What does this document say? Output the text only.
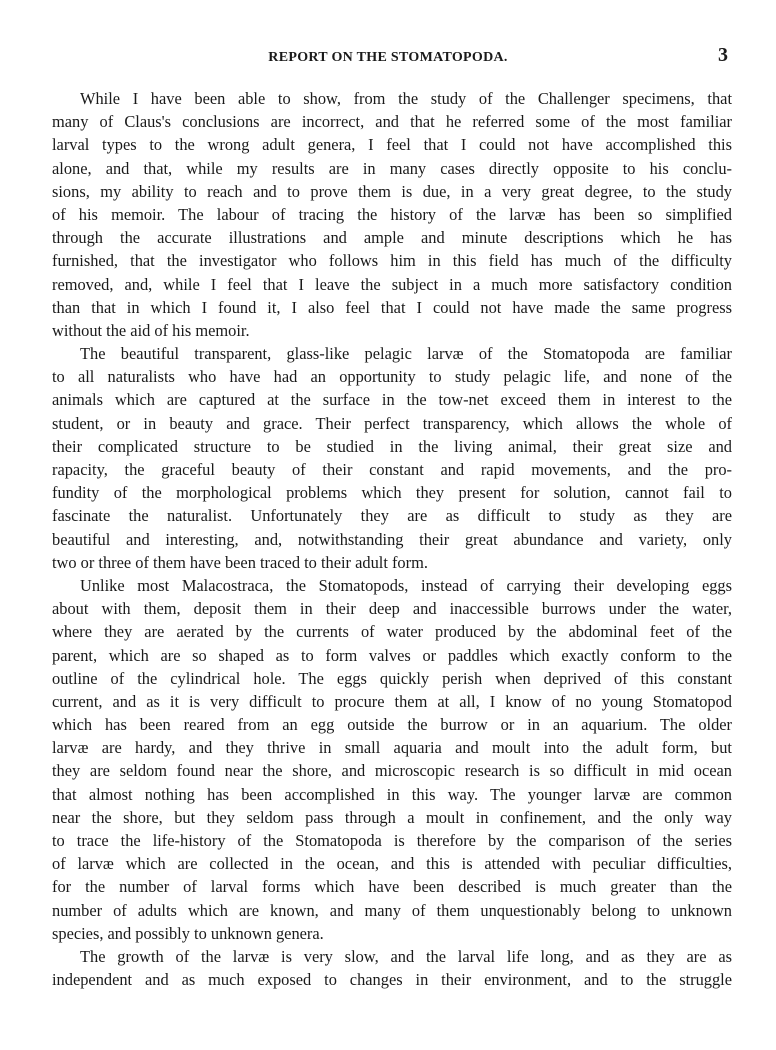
REPORT ON THE STOMATOPODA.	3
While I have been able to show, from the study of the Challenger specimens, that
many of Claus's conclusions are incorrect, and that he referred some of the most familiar
larval types to the wrong adult genera, I feel that I could not have accomplished this
alone, and that, while my results are in many cases directly opposite to his conclu-
sions, my ability to reach and to prove them is due, in a very great degree, to the study
of his memoir. The labour of tracing the history of the larvæ has been so simplified
through the accurate illustrations and ample and minute descriptions which he has
furnished, that the investigator who follows him in this field has much of the difficulty
removed, and, while I feel that I leave the subject in a much more satisfactory condition
than that in which I found it, I also feel that I could not have made the same progress
without the aid of his memoir.
The beautiful transparent, glass-like pelagic larvæ of the Stomatopoda are familiar
to all naturalists who have had an opportunity to study pelagic life, and none of the
animals which are captured at the surface in the tow-net exceed them in interest to the
student, or in beauty and grace. Their perfect transparency, which allows the whole of
their complicated structure to be studied in the living animal, their great size and
rapacity, the graceful beauty of their constant and rapid movements, and the pro-
fundity of the morphological problems which they present for solution, cannot fail to
fascinate the naturalist. Unfortunately they are as difficult to study as they are
beautiful and interesting, and, notwithstanding their great abundance and variety, only
two or three of them have been traced to their adult form.
Unlike most Malacostraca, the Stomatopods, instead of carrying their developing eggs
about with them, deposit them in their deep and inaccessible burrows under the water,
where they are aerated by the currents of water produced by the abdominal feet of the
parent, which are so shaped as to form valves or paddles which exactly conform to the
outline of the cylindrical hole. The eggs quickly perish when deprived of this constant
current, and as it is very difficult to procure them at all, I know of no young Stomatopod
which has been reared from an egg outside the burrow or in an aquarium. The older
larvæ are hardy, and they thrive in small aquaria and moult into the adult form, but
they are seldom found near the shore, and microscopic research is so difficult in mid ocean
that almost nothing has been accomplished in this way. The younger larvæ are common
near the shore, but they seldom pass through a moult in confinement, and the only way
to trace the life-history of the Stomatopoda is therefore by the comparison of the series
of larvæ which are collected in the ocean, and this is attended with peculiar difficulties,
for the number of larval forms which have been described is much greater than the
number of adults which are known, and many of them unquestionably belong to unknown
species, and possibly to unknown genera.
The growth of the larvæ is very slow, and the larval life long, and as they are as
independent and as much exposed to changes in their environment, and to the struggle
